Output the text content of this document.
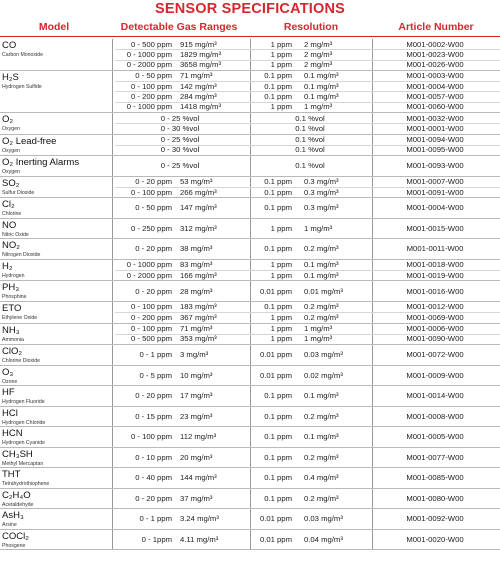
SENSOR SPECIFICATIONS
Model	Detectable Gas Ranges	Resolution	Article Number
CO
Carbon Monoxide
0 - 500 ppm 915 mg/m³	1 ppm 2 mg/m³	M001-0002-W00
0 - 1000 ppm 1829 mg/m³	1 ppm 2 mg/m³	M001-0023-W00
0 - 2000 ppm 3658 mg/m³	1 ppm 2 mg/m³	M001-0026-W00
H₂S
Hydrogen Sulfide
0 - 50 ppm 71 mg/m³	0.1 ppm 0.1 mg/m³	M001-0003-W00
0 - 100 ppm 142 mg/m³	0.1 ppm 0.1 mg/m³	M001-0004-W00
0 - 200 ppm 284 mg/m³	0.1 ppm 0.1 mg/m³	M001-0057-W00
0 - 1000 ppm 1418 mg/m³	1 ppm 1 mg/m³	M001-0060-W00
O₂
Oxygen
0 - 25 %vol	0.1 %vol	M001-0032-W00
0 - 30 %vol	0.1 %vol	M001-0001-W00
O₂ Lead-free
Oxygen
0 - 25 %vol	0.1 %vol	M001-0094-W00
0 - 30 %vol	0.1 %vol	M001-0095-W00
O₂ Inerting Alarms
Oxygen
0 - 25 %vol	0.1 %vol	M001-0093-W00
SO₂
Sulfur Dioxide
0 - 20 ppm 53 mg/m³	0.1 ppm 0.3 mg/m³	M001-0007-W00
0 - 100 ppm 266 mg/m³	0.1 ppm 0.3 mg/m³	M001-0091-W00
Cl₂
Chlorine
0 - 50 ppm 147 mg/m³	0.1 ppm 0.3 mg/m³	M001-0004-W00
NO
Nitric Oxide
0 - 250 ppm 312 mg/m³	1 ppm 1 mg/m³	M001-0015-W00
NO₂
Nitrogen Dioxide
0 - 20 ppm 38 mg/m³	0.1 ppm 0.2 mg/m³	M001-0011-W00
H₂
Hydrogen
0 - 1000 ppm 83 mg/m³	1 ppm 0.1 mg/m³	M001-0018-W00
0 - 2000 ppm 166 mg/m³	1 ppm 0.1 mg/m³	M001-0019-W00
PH₃
Phosphine
0 - 20 ppm 28 mg/m³	0.01 ppm 0.01 mg/m³	M001-0016-W00
ETO
Ethylene Oxide
0 - 100 ppm 183 mg/m³	0.1 ppm 0.2 mg/m³	M001-0012-W00
0 - 200 ppm 367 mg/m³	1 ppm 0.2 mg/m³	M001-0069-W00
NH₃
Ammonia
0 - 100 ppm 71 mg/m³	1 ppm 1 mg/m³	M001-0006-W00
0 - 500 ppm 353 mg/m³	1 ppm 1 mg/m³	M001-0090-W00
ClO₂
Chlorine Dioxide
0 - 1 ppm 3 mg/m³	0.01 ppm 0.03 mg/m³	M001-0072-W00
O₃
Ozone
0 - 5 ppm 10 mg/m³	0.01 ppm 0.02 mg/m³	M001-0009-W00
HF
Hydrogen Fluoride
0 - 20 ppm 17 mg/m³	0.1 ppm 0.1 mg/m³	M001-0014-W00
HCl
Hydrogen Chloride
0 - 15 ppm 23 mg/m³	0.1 ppm 0.2 mg/m³	M001-0008-W00
HCN
Hydrogen Cyanide
0 - 100 ppm 112 mg/m³	0.1 ppm 0.1 mg/m³	M001-0005-W00
CH₃SH
Methyl Mercaptan
0 - 10 ppm 20 mg/m³	0.1 ppm 0.2 mg/m³	M001-0077-W00
THT
Tetrahydrothiophene
0 - 40 ppm 144 mg/m³	0.1 ppm 0.4 mg/m³	M001-0085-W00
C₂H₄O
Acetaldehyde
0 - 20 ppm 37 mg/m³	0.1 ppm 0.2 mg/m³	M001-0080-W00
AsH₃
Arsine
0 - 1 ppm 3.24 mg/m³	0.01 ppm 0.03 mg/m³	M001-0092-W00
COCl₂
Phosgene
0 - 1ppm 4.11 mg/m³	0.01 ppm 0.04 mg/m³	M001-0020-W00
